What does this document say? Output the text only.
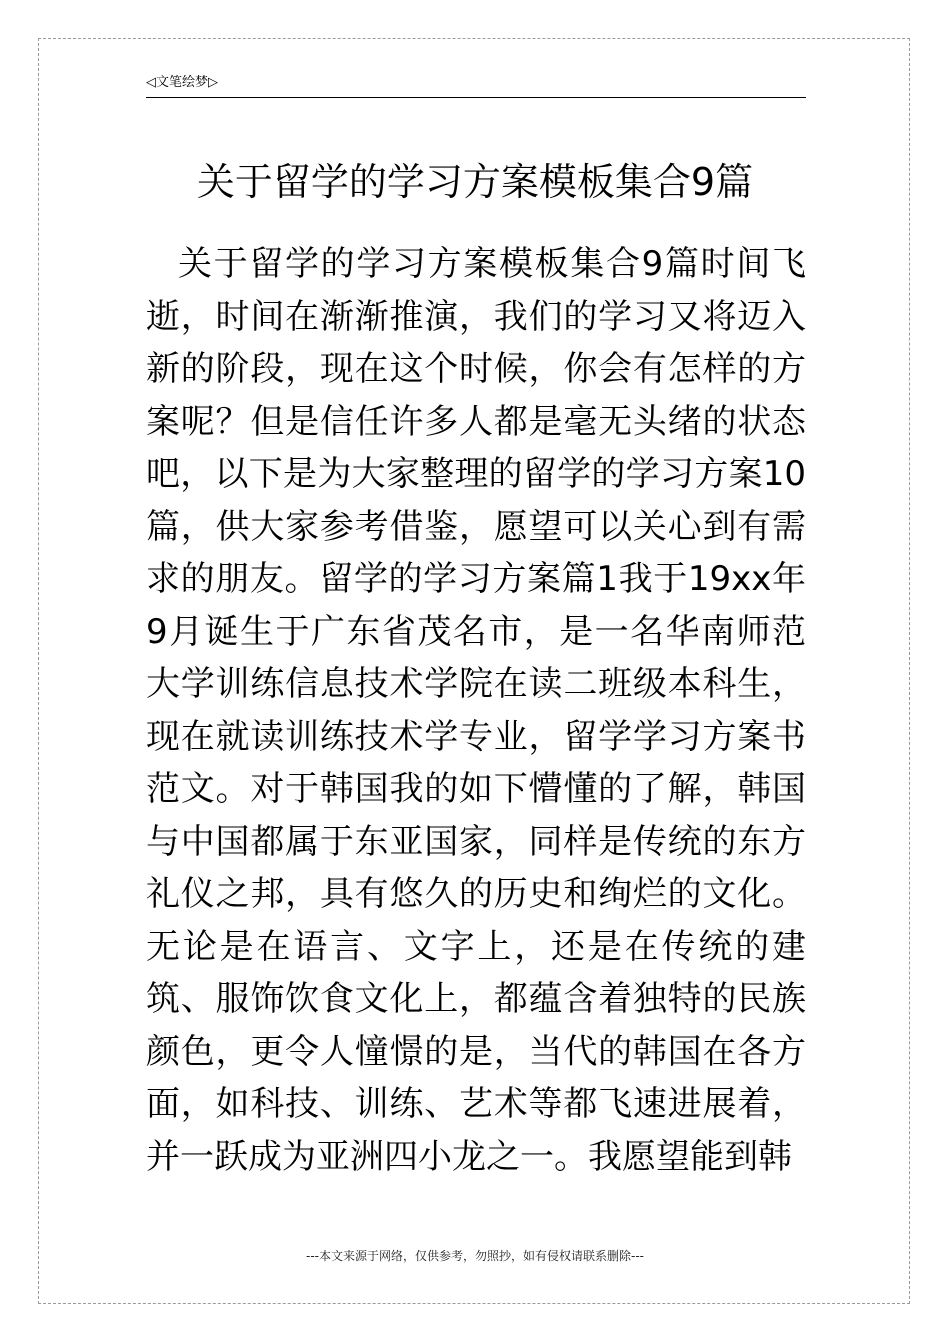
◁文笔绘梦▷
关于留学的学习方案模板集合9篇

关于留学的学习方案模板集合9篇时间飞逝，时间在渐渐推演，我们的学习又将迈入新的阶段，现在这个时候，你会有怎样的方案呢？但是信任许多人都是毫无头绪的状态吧，以下是为大家整理的留学的学习方案10篇，供大家参考借鉴，愿望可以关心到有需求的朋友。留学的学习方案篇1我于19xx年9月诞生于广东省茂名市，是一名华南师范大学训练信息技术学院在读二班级本科生，现在就读训练技术学专业，留学学习方案书范文。对于韩国我的如下懵懂的了解，韩国与中国都属于东亚国家，同样是传统的东方礼仪之邦，具有悠久的历史和绚烂的文化。无论是在语言、文字上，还是在传统的建筑、服饰饮食文化上，都蕴含着独特的民族颜色，更令人憧憬的是，当代的韩国在各方面，如科技、训练、艺术等都飞速进展着，并一跃成为亚洲四小龙之一。我愿望能到韩

---本文来源于网络，仅供参考，勿照抄，如有侵权请联系删除---
